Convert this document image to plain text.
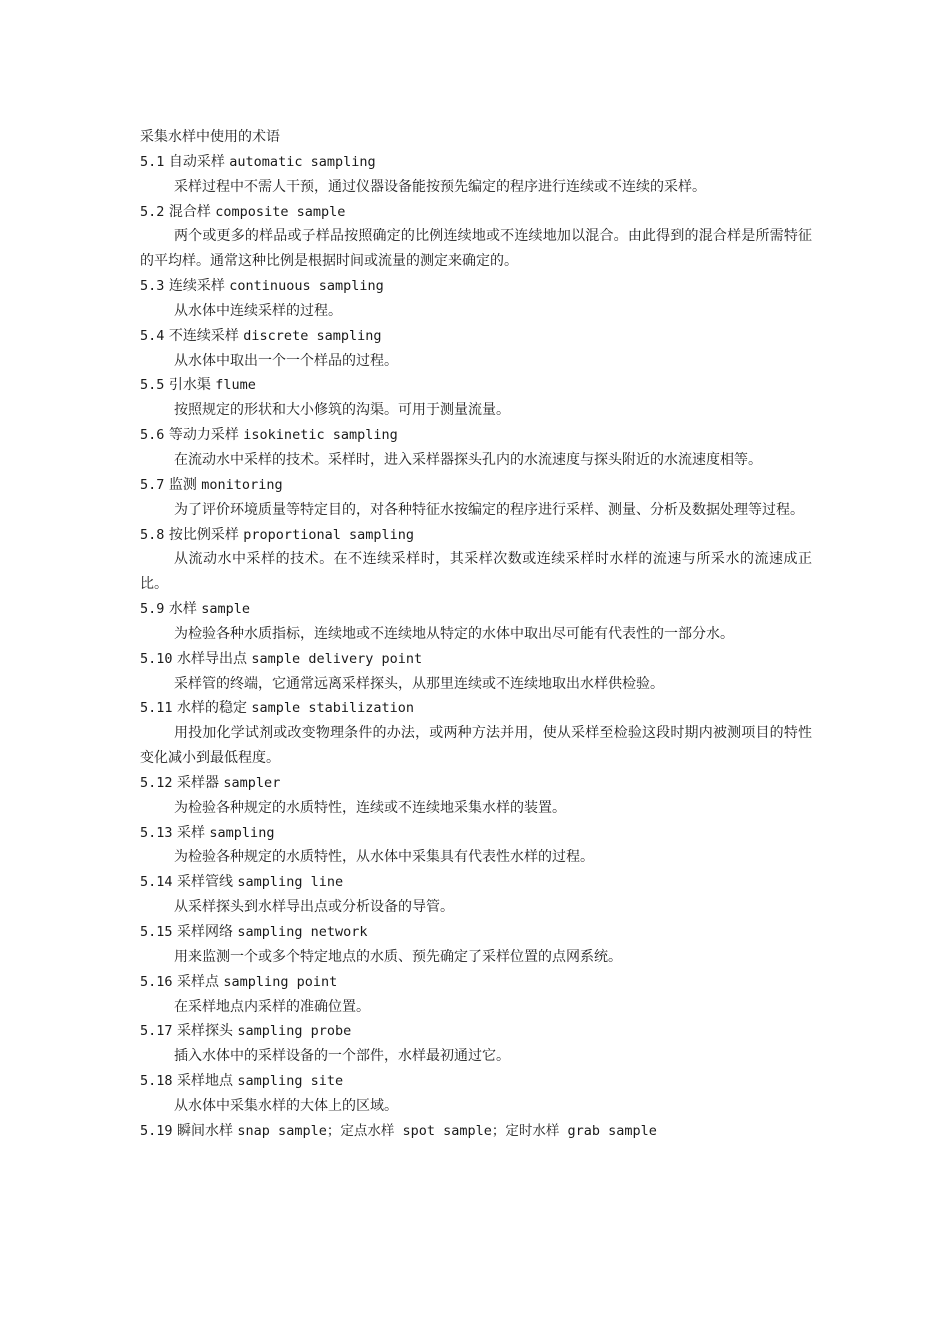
采集水样中使用的术语
5.1 自动采样 automatic sampling
采样过程中不需人干预，通过仪器设备能按预先编定的程序进行连续或不连续的采样。
5.2 混合样 composite sample
两个或更多的样品或子样品按照确定的比例连续地或不连续地加以混合。由此得到的混合样是所需特征的平均样。通常这种比例是根据时间或流量的测定来确定的。
5.3 连续采样 continuous sampling
从水体中连续采样的过程。
5.4 不连续采样 discrete sampling
从水体中取出一个一个样品的过程。
5.5 引水渠 flume
按照规定的形状和大小修筑的沟渠。可用于测量流量。
5.6 等动力采样 isokinetic sampling
在流动水中采样的技术。采样时，进入采样器探头孔内的水流速度与探头附近的水流速度相等。
5.7 监测 monitoring
为了评价环境质量等特定目的，对各种特征水按编定的程序进行采样、测量、分析及数据处理等过程。
5.8 按比例采样 proportional sampling
从流动水中采样的技术。在不连续采样时，其采样次数或连续采样时水样的流速与所采水的流速成正比。
5.9 水样 sample
为检验各种水质指标，连续地或不连续地从特定的水体中取出尽可能有代表性的一部分水。
5.10 水样导出点 sample delivery point
采样管的终端，它通常远离采样探头，从那里连续或不连续地取出水样供检验。
5.11 水样的稳定 sample stabilization
用投加化学试剂或改变物理条件的办法，或两种方法并用，使从采样至检验这段时期内被测项目的特性变化减小到最低程度。
5.12 采样器 sampler
为检验各种规定的水质特性，连续或不连续地采集水样的装置。
5.13 采样 sampling
为检验各种规定的水质特性，从水体中采集具有代表性水样的过程。
5.14 采样管线 sampling line
从采样探头到水样导出点或分析设备的导管。
5.15 采样网络 sampling network
用来监测一个或多个特定地点的水质、预先确定了采样位置的点网系统。
5.16 采样点 sampling point
在采样地点内采样的准确位置。
5.17 采样探头 sampling probe
插入水体中的采样设备的一个部件，水样最初通过它。
5.18 采样地点 sampling site
从水体中采集水样的大体上的区域。
5.19 瞬间水样 snap sample；定点水样 spot sample；定时水样 grab sample
